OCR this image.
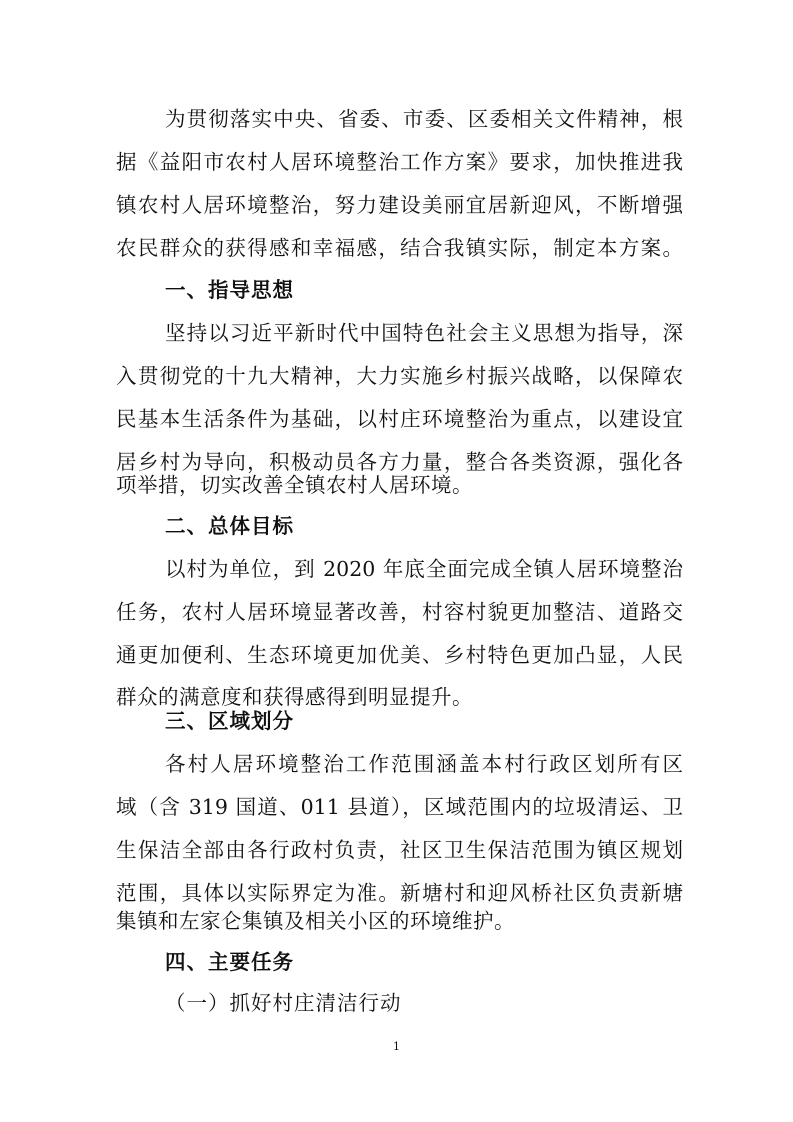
为贯彻落实中央、省委、市委、区委相关文件精神，根
据《益阳市农村人居环境整治工作方案》要求，加快推进我
镇农村人居环境整治，努力建设美丽宜居新迎风，不断增强
农民群众的获得感和幸福感，结合我镇实际，制定本方案。
一、指导思想
坚持以习近平新时代中国特色社会主义思想为指导，深
入贯彻党的十九大精神，大力实施乡村振兴战略，以保障农
民基本生活条件为基础，以村庄环境整治为重点，以建设宜
居乡村为导向，积极动员各方力量，整合各类资源，强化各
项举措，切实改善全镇农村人居环境。
二、总体目标
以村为单位，到 2020 年底全面完成全镇人居环境整治
任务，农村人居环境显著改善，村容村貌更加整洁、道路交
通更加便利、生态环境更加优美、乡村特色更加凸显，人民
群众的满意度和获得感得到明显提升。
三、区域划分
各村人居环境整治工作范围涵盖本村行政区划所有区
域（含 319 国道、011 县道），区域范围内的垃圾清运、卫
生保洁全部由各行政村负责，社区卫生保洁范围为镇区规划
范围，具体以实际界定为准。新塘村和迎风桥社区负责新塘
集镇和左家仑集镇及相关小区的环境维护。
四、主要任务
（一）抓好村庄清洁行动
1
